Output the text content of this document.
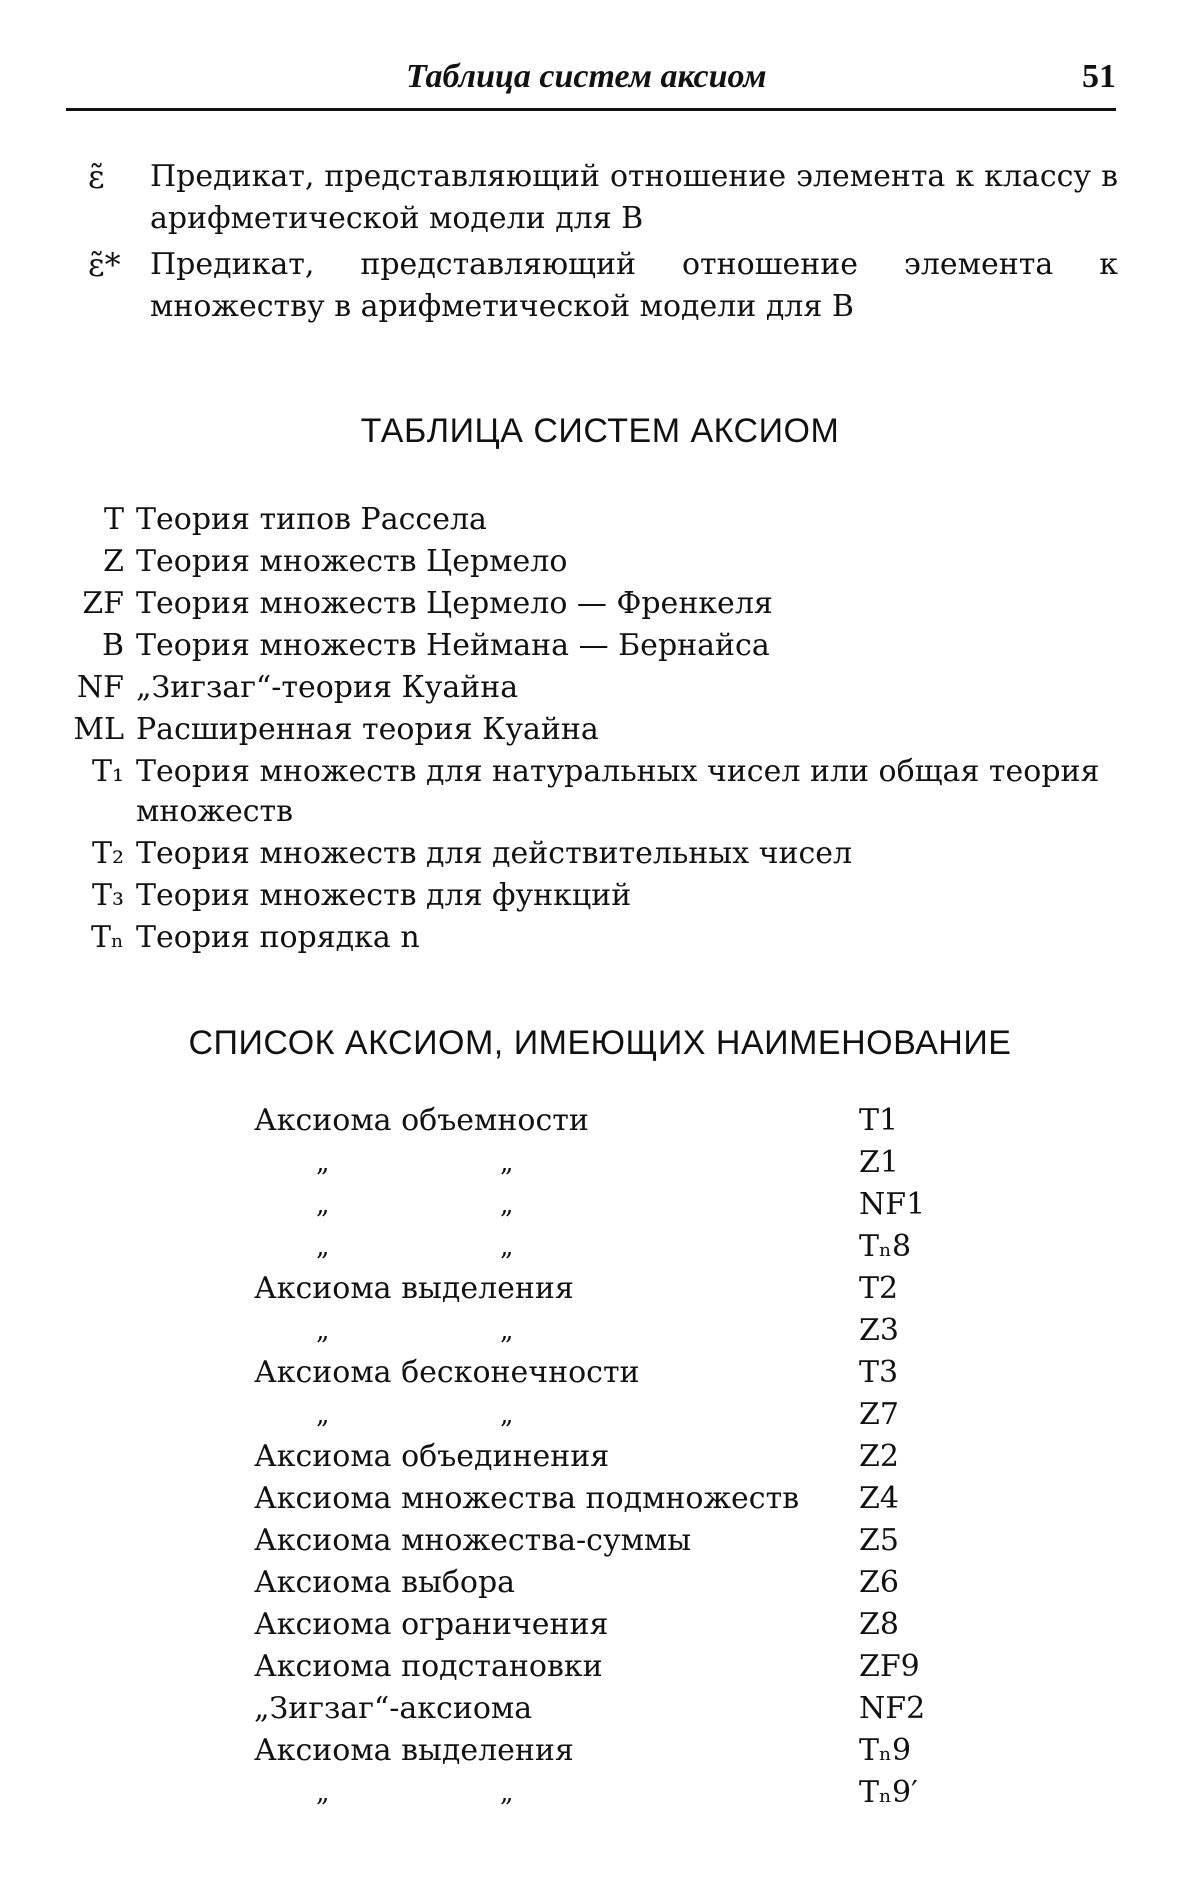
Таблица систем аксиом	51
ε̃	Предикат, представляющий отношение элемента к классу в арифметической модели для B
ε̃* Предикат, представляющий отношение элемента к множеству в арифметической модели для B
ТАБЛИЦА СИСТЕМ АКСИОМ
T Теория типов Рассела
Z Теория множеств Цермело
ZF Теория множеств Цермело — Френкеля
B Теория множеств Неймана — Бернайса
NF „Зигзаг“-теория Куайна
ML Расширенная теория Куайна
T₁ Теория множеств для натуральных чисел или общая теория множеств
T₂ Теория множеств для действительных чисел
T₃ Теория множеств для функций
Tₙ Теория порядка n
СПИСОК АКСИОМ, ИМЕЮЩИХ НАИМЕНОВАНИЕ
Аксиома объемности	T1
„	„	Z1
„	„	NF1
„	„	Tₙ8
Аксиома выделения	T2
„	„	Z3
Аксиома бесконечности	T3
„	„	Z7
Аксиома объединения	Z2
Аксиома множества подмножеств Z4
Аксиома множества-суммы	Z5
Аксиома выбора	Z6
Аксиома ограничения	Z8
Аксиома подстановки	ZF9
„Зигзаг“-аксиома	NF2
Аксиома выделения	Tₙ9
„	„	Tₙ9′
